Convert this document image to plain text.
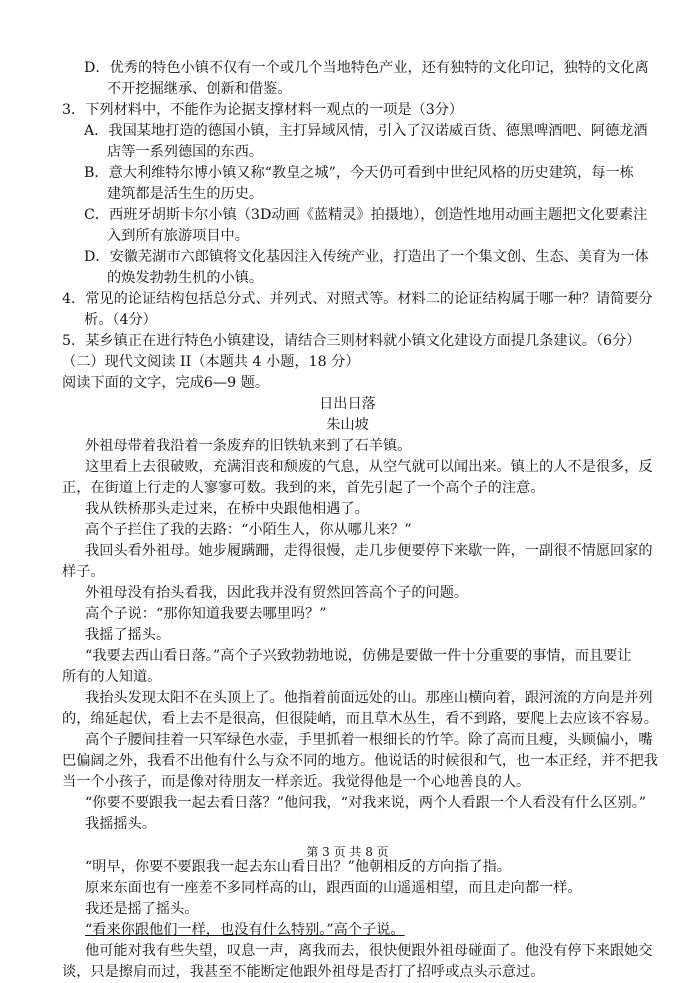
D．优秀的特色小镇不仅有一个或几个当地特色产业，还有独特的文化印记，独特的文化离
不开挖掘继承、创新和借鉴。
3．下列材料中，不能作为论据支撑材料一观点的一项是（3分）
A．我国某地打造的德国小镇，主打异域风情，引入了汉诺威百货、德黑啤酒吧、阿德龙酒
店等一系列德国的东西。
B．意大利维特尔博小镇又称“教皇之城”，今天仍可看到中世纪风格的历史建筑，每一栋
建筑都是活生生的历史。
C．西班牙胡斯卡尔小镇（3D动画《蓝精灵》拍摄地），创造性地用动画主题把文化要素注
入到所有旅游项目中。
D．安徽芜湖市六郎镇将文化基因注入传统产业，打造出了一个集文创、生态、美育为一体
的焕发勃勃生机的小镇。
4．常见的论证结构包括总分式、并列式、对照式等。材料二的论证结构属于哪一种？请简要分
析。（4分）
5．某乡镇正在进行特色小镇建设，请结合三则材料就小镇文化建设方面提几条建议。（6分）
（二）现代文阅读 II（本题共 4 小题，18 分）
阅读下面的文字，完成6—9 题。
日出日落
朱山坡
外祖母带着我沿着一条废弃的旧铁轨来到了石羊镇。
这里看上去很破败，充满泪丧和颓废的气息，从空气就可以闻出来。镇上的人不是很多，反
正，在街道上行走的人寥寥可数。我到的来，首先引起了一个高个子的注意。
我从铁桥那头走过来，在桥中央跟他相遇了。
高个子拦住了我的去路：“小陌生人，你从哪儿来？”
我回头看外祖母。她步履蹒跚，走得很慢，走几步便要停下来歇一阵，一副很不情愿回家的
样子。
外祖母没有抬头看我，因此我并没有贸然回答高个子的问题。
高个子说：“那你知道我要去哪里吗？”
我摇了摇头。
“我要去西山看日落。”高个子兴致勃勃地说，仿佛是要做一件十分重要的事情，而且要让
所有的人知道。
我抬头发现太阳不在头顶上了。他指着前面远处的山。那座山横向着，跟河流的方向是并列
的，绵延起伏，看上去不是很高，但很陡峭，而且草木丛生，看不到路，要爬上去应该不容易。
高个子腰间挂着一只军绿色水壶，手里抓着一根细长的竹竿。除了高而且瘦，头顾偏小，嘴
巴偏阔之外，我看不出他有什么与众不同的地方。他说话的时候很和气，也一本正经，并不把我
当一个小孩子，而是像对待朋友一样亲近。我觉得他是一个心地善良的人。
“你要不要跟我一起去看日落？”他问我，“对我来说，两个人看跟一个人看没有什么区别。”
我摇摇头。
第 3 页 共 8 页
“明早，你要不要跟我一起去东山看日出？”他朝相反的方向指了指。
原来东面也有一座差不多同样高的山，跟西面的山遥遥相望，而且走向都一样。
我还是摇了摇头。
“看来你跟他们一样，也没有什么特别。”高个子说。
他可能对我有些失望，叹息一声，离我而去，很快便跟外祖母碰面了。他没有停下来跟她交
谈，只是擦肩而过，我甚至不能断定他跟外祖母是否打了招呼或点头示意过。
